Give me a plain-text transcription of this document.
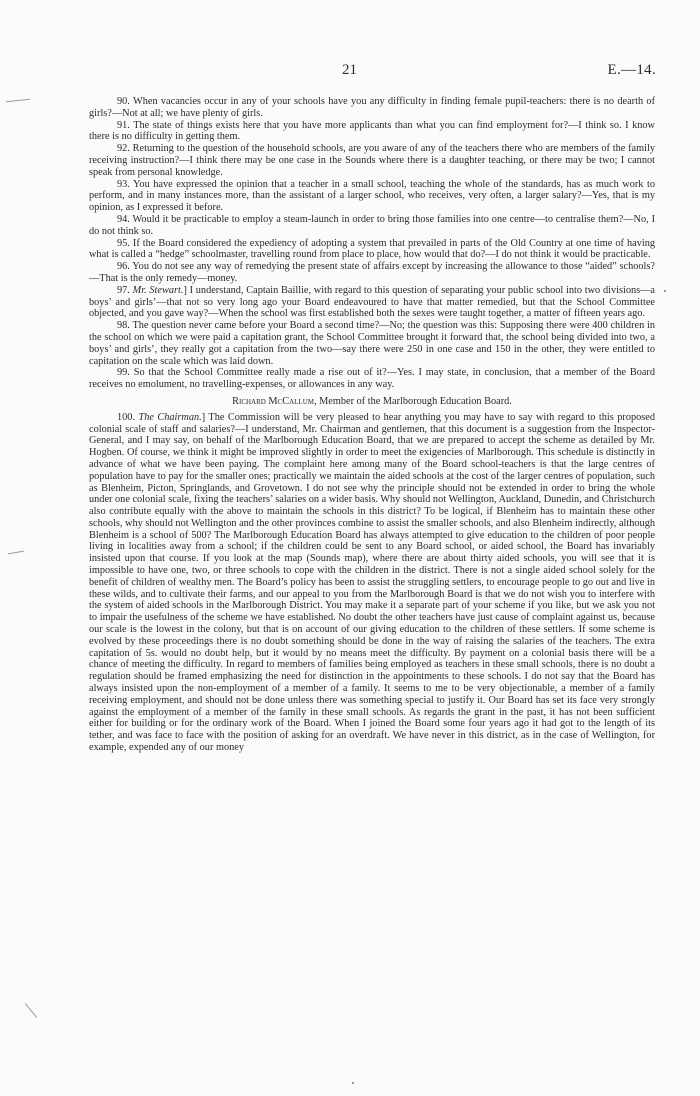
21	E.—14.

90. When vacancies occur in any of your schools have you any difficulty in finding female pupil-teachers: there is no dearth of girls?—Not at all; we have plenty of girls.

91. The state of things exists here that you have more applicants than what you can find employment for?—I think so. I know there is no difficulty in getting them.

92. Returning to the question of the household schools, are you aware of any of the teachers there who are members of the family receiving instruction?—I think there may be one case in the Sounds where there is a daughter teaching, or there may be two; I cannot speak from personal knowledge.

93. You have expressed the opinion that a teacher in a small school, teaching the whole of the standards, has as much work to perform, and in many instances more, than the assistant of a larger school, who receives, very often, a larger salary?—Yes, that is my opinion, as I expressed it before.

94. Would it be practicable to employ a steam-launch in order to bring those families into one centre—to centralise them?—No, I do not think so.

95. If the Board considered the expediency of adopting a system that prevailed in parts of the Old Country at one time of having what is called a “hedge” schoolmaster, travelling round from place to place, how would that do?—I do not think it would be practicable.

96. You do not see any way of remedying the present state of affairs except by increasing the allowance to those “aided” schools?—That is the only remedy—money.

97. Mr. Stewart.] I understand, Captain Baillie, with regard to this question of separating your public school into two divisions—a boys’ and girls’—that not so very long ago your Board endeavoured to have that matter remedied, but that the School Committee objected, and you gave way?—When the school was first established both the sexes were taught together, a matter of fifteen years ago.

98. The question never came before your Board a second time?—No; the question was this: Supposing there were 400 children in the school on which we were paid a capitation grant, the School Committee brought it forward that, the school being divided into two, a boys’ and girls’, they really got a capitation from the two—say there were 250 in one case and 150 in the other, they were entitled to capitation on the scale which was laid down.

99. So that the School Committee really made a rise out of it?—Yes. I may state, in conclusion, that a member of the Board receives no emolument, no travelling-expenses, or allowances in any way.

Richard McCallum, Member of the Marlborough Education Board.

100. The Chairman.] The Commission will be very pleased to hear anything you may have to say with regard to this proposed colonial scale of staff and salaries?—I understand, Mr. Chairman and gentlemen, that this document is a suggestion from the Inspector-General, and I may say, on behalf of the Marlborough Education Board, that we are prepared to accept the scheme as detailed by Mr. Hogben. Of course, we think it might be improved slightly in order to meet the exigencies of Marlborough. This schedule is distinctly in advance of what we have been paying. The complaint here among many of the Board school-teachers is that the large centres of population have to pay for the smaller ones; practically we maintain the aided schools at the cost of the larger centres of population, such as Blenheim, Picton, Springlands, and Grovetown. I do not see why the principle should not be extended in order to bring the whole under one colonial scale, fixing the teachers’ salaries on a wider basis. Why should not Wellington, Auckland, Dunedin, and Christchurch also contribute equally with the above to maintain the schools in this district? To be logical, if Blenheim has to maintain these other schools, why should not Wellington and the other provinces combine to assist the smaller schools, and also Blenheim indirectly, although Blenheim is a school of 500? The Marlborough Education Board has always attempted to give education to the children of poor people living in localities away from a school; if the children could be sent to any Board school, or aided school, the Board has invariably insisted upon that course. If you look at the map (Sounds map), where there are about thirty aided schools, you will see that it is impossible to have one, two, or three schools to cope with the children in the district. There is not a single aided school solely for the benefit of children of wealthy men. The Board’s policy has been to assist the struggling settlers, to encourage people to go out and live in these wilds, and to cultivate their farms, and our appeal to you from the Marlborough Board is that we do not wish you to interfere with the system of aided schools in the Marlborough District. You may make it a separate part of your scheme if you like, but we ask you not to impair the usefulness of the scheme we have established. No doubt the other teachers have just cause of complaint against us, because our scale is the lowest in the colony, but that is on account of our giving education to the children of these settlers. If some scheme is evolved by these proceedings there is no doubt something should be done in the way of raising the salaries of the teachers. The extra capitation of 5s. would no doubt help, but it would by no means meet the difficulty. By payment on a colonial basis there will be a chance of meeting the difficulty. In regard to members of families being employed as teachers in these small schools, there is no doubt a regulation should be framed emphasizing the need for distinction in the appointments to these schools. I do not say that the Board has always insisted upon the non-employment of a member of a family. It seems to me to be very objectionable, a member of a family receiving employment, and should not be done unless there was something special to justify it. Our Board has set its face very strongly against the employment of a member of the family in these small schools. As regards the grant in the past, it has not been sufficient either for building or for the ordinary work of the Board. When I joined the Board some four years ago it had got to the length of its tether, and was face to face with the position of asking for an overdraft. We have never in this district, as in the case of Wellington, for example, expended any of our money
